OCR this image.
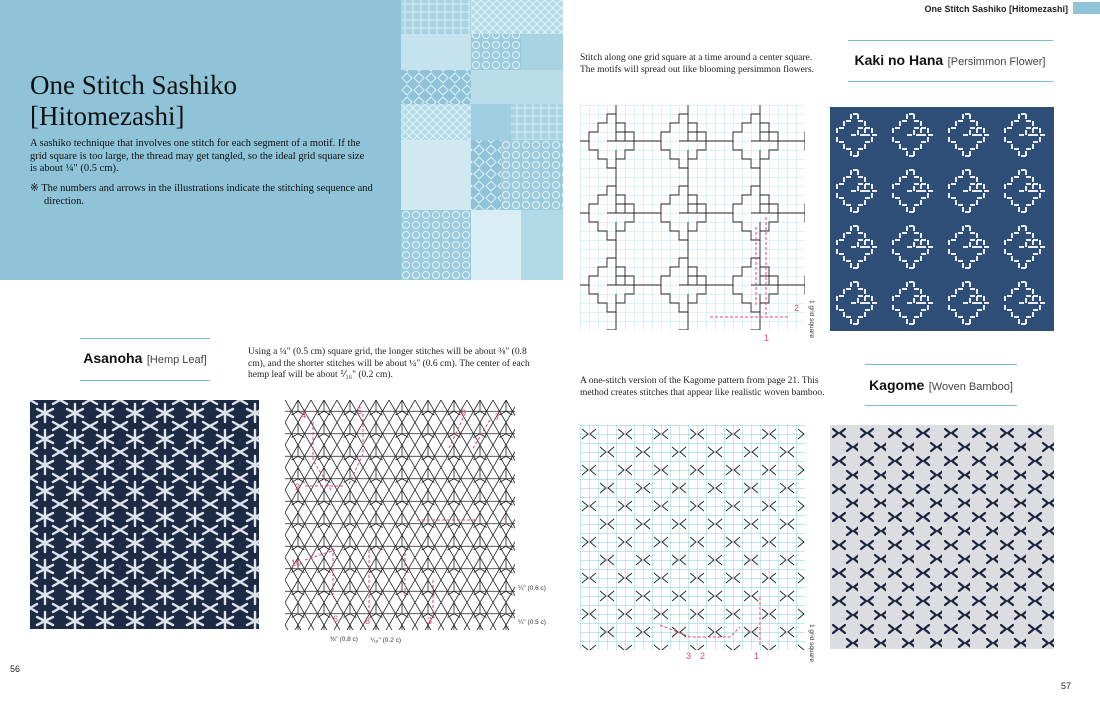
One Stitch Sashiko [Hitomezashi]
One Stitch Sashiko
[Hitomezashi]
A sashiko technique that involves one stitch for each segment of a motif. If the grid square is too large, the thread may get tangled, so the ideal grid square size is about ¼" (0.5 cm).
※ The numbers and arrows in the illustrations indicate the stitching sequence and direction.
Asanoha [Hemp Leaf]
Using a ¼" (0.5 cm) square grid, the longer stitches will be about ⅜" (0.8 cm), and the shorter stitches will be about ¼" (0.6 cm). The center of each hemp leaf will be about ⅟₁₆" (0.2 cm).
4	5	9	7
2
1
10
6	8	3
¼" (0.6 c)
¼" (0.5 c)
⅜" (0.8 c) ⅟₁₆" (0.2 c)
Stitch along one grid square at a time around a center square. The motifs will spread out like blooming persimmon flowers.
Kaki no Hana [Persimmon Flower]
2
1
1 grid square
A one-stitch version of the Kagome pattern from page 21. This method creates stitches that appear like realistic woven bamboo.	Kagome [Woven Bamboo]
3 2	1	1 grid square
56
57
